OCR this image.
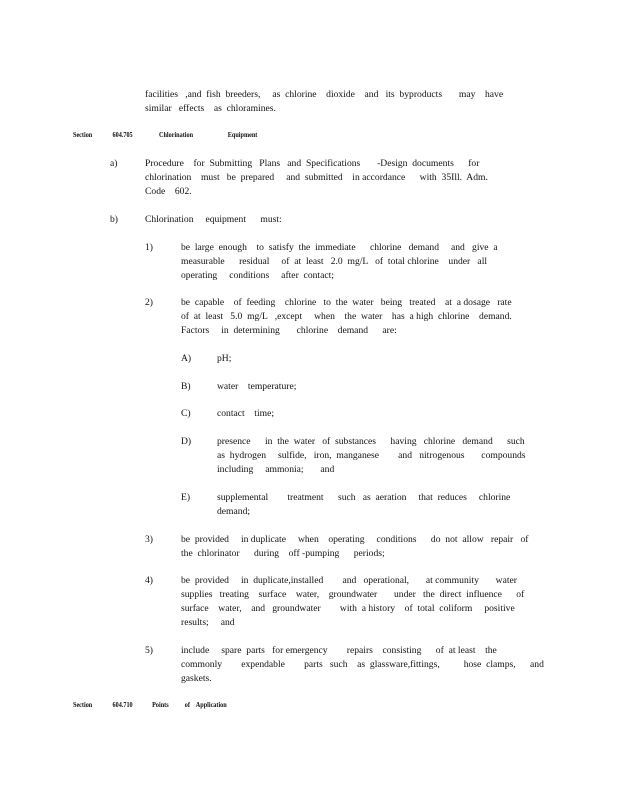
facilities   ,and  fish  breeders,     as  chlorine    dioxide    and   its  byproducts       may    have
similar   effects    as  chloramines.

Section

	604.705

	Chlorination

	Equipment

a)	Procedure    for  Submitting   Plans   and  Specifications       -Design  documents      for
chlorination    must   be  prepared     and  submitted    in accordance      with  35Ill.  Adm.
Code    602.
b)	Chlorination     equipment      must:
1)	be  large  enough    to  satisfy  the  immediate      chlorine   demand     and   give  a
measurable      residual     of  at  least   2.0  mg/L   of  total chlorine    under   all
operating     conditions     after  contact;
2)	be  capable    of  feeding    chlorine   to  the  water   being   treated    at  a dosage   rate
of  at  least   5.0  mg/L   ,except     when    the  water    has  a high  chlorine    demand.
Factors     in  determining       chlorine    demand      are:
A)	pH;
B)	water    temperature;
C)	contact    time;
D)	presence      in  the  water   of  substances      having   chlorine   demand      such
as  hydrogen     sulfide,   iron,  manganese        and   nitrogenous       compounds
including     ammonia;       and
E)	supplemental        treatment      such   as  aeration     that  reduces     chlorine
demand;
3)	be  provided     in duplicate     when    operating     conditions      do  not  allow   repair   of
the  chlorinator      during    off -pumping      periods;
4)	be  provided     in  duplicate,installed        and   operational,       at community       water
supplies   treating    surface    water,    groundwater       under   the  direct  influence      of
surface    water,    and   groundwater        with  a history    of  total  coliform     positive
results;     and
5)	include     spare  parts   for emergency        repairs    consisting      of  at least    the
commonly        expendable        parts   such    as  glassware,fittings,          hose  clamps,      and
gaskets.

Section

	604.710

	Points

of    Application
